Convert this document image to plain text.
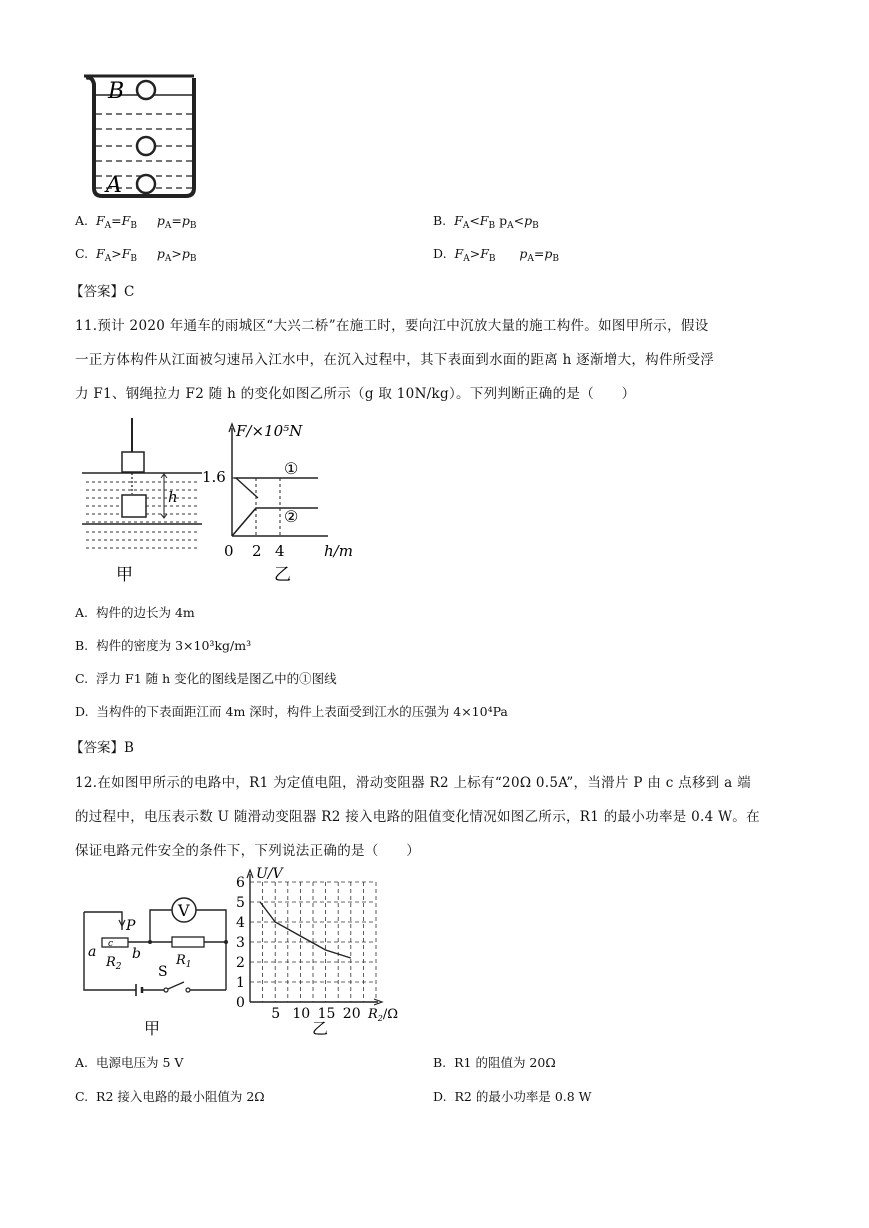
B
A
A. $F_A=F_B$ $p_A=p_B$	B. $F_A<F_B$ $p_A<p_B$
C. $F_A>F_B$ $p_A>p_B$	D. $F_A>F_B$ $p_A=p_B$
【答案】C
11.预计 2020 年通车的雨城区“大兴二桥”在施工时，要向江中沉放大量的施工构件。如图甲所示，假设
一正方体构件从江面被匀速吊入江水中，在沉入过程中，其下表面到水面的距离 h 逐渐增大，构件所受浮
力 F1、钢绳拉力 F2 随 h 的变化如图乙所示（g 取 10N/kg）。下列判断正确的是（　　）
h
甲
F/×10⁵N
1.6	①
②
0 2 4	h/m
乙
A. 构件的边长为 4m
B. 构件的密度为 3×10³kg/m³
C. 浮力 F1 随 h 变化的图线是图乙中的①图线
D. 当构件的下表面距江而 4m 深时，构件上表面受到江水的压强为 4×10⁴Pa
【答案】B
12.在如图甲所示的电路中，R1 为定值电阻，滑动变阻器 R2 上标有“20Ω 0.5A”，当滑片 P 由 c 点移到 a 端
的过程中，电压表示数 U 随滑动变阻器 R2 接入电路的阻值变化情况如图乙所示，R1 的最小功率是 0.4 W。在
保证电路元件安全的条件下，下列说法正确的是（　　）
S
a c
P
b
$R_2$	$R_1$
V
甲
U/V
0
1
2
3
4
5
6
5 10 15 20 $R_2/\Omega$
乙
A. 电源电压为 5 V	B. R1 的阻值为 20Ω
C. R2 接入电路的最小阻值为 2Ω	D. R2 的最小功率是 0.8 W
